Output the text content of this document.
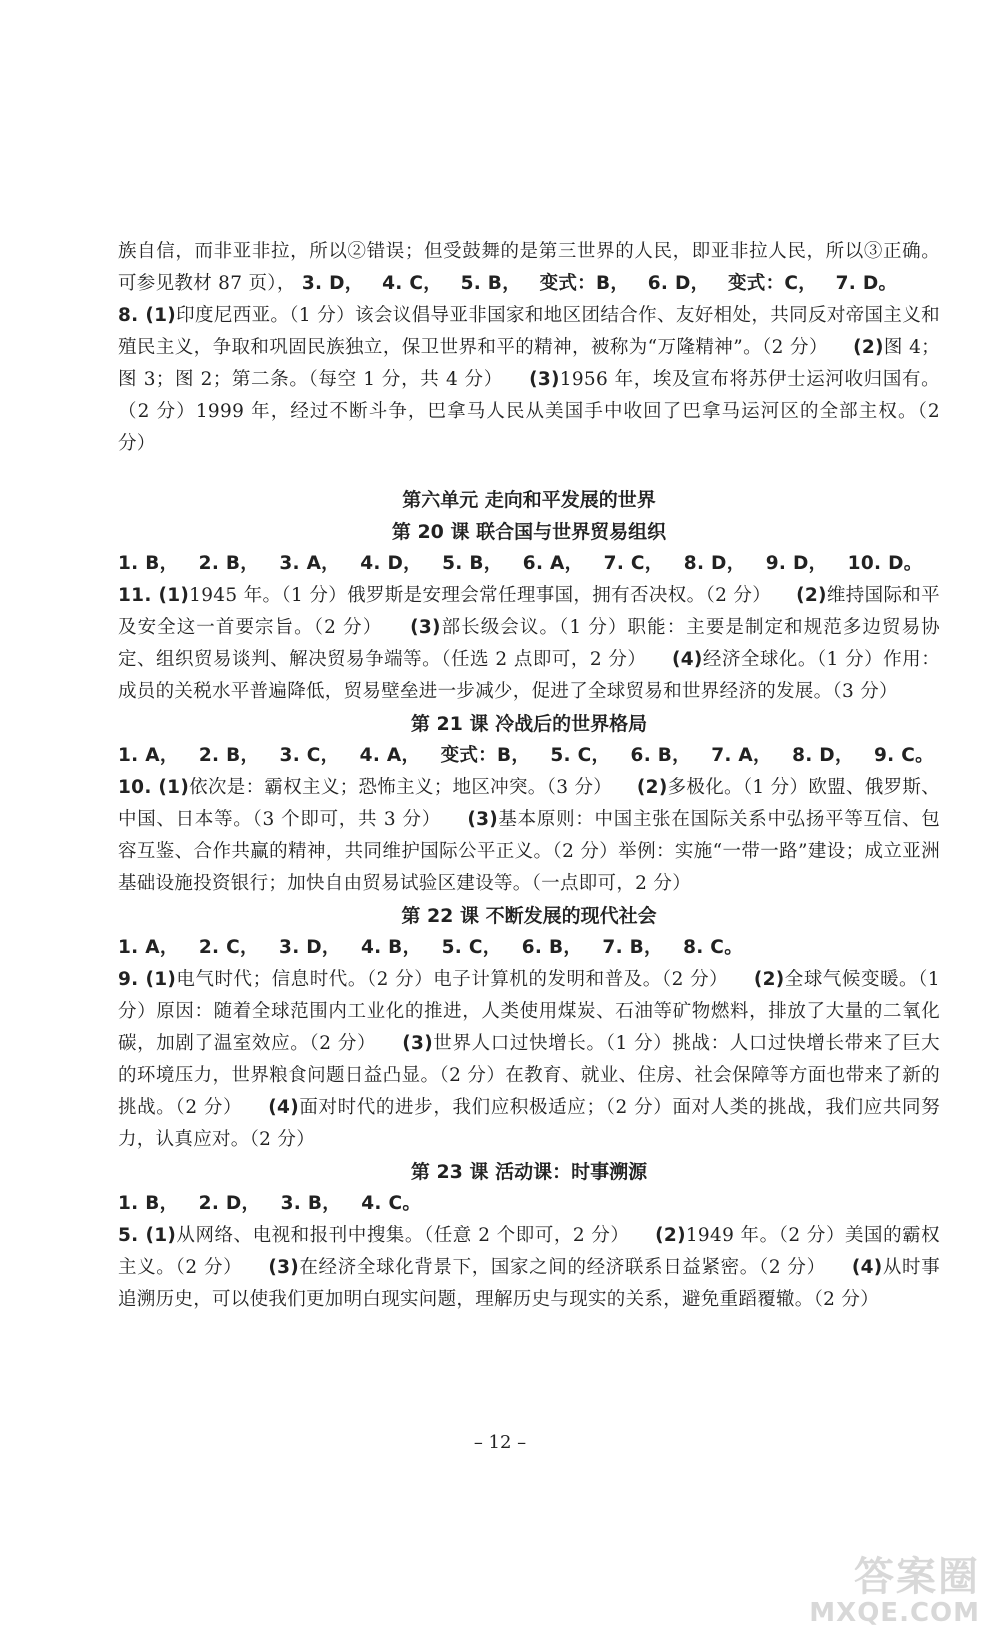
族自信，而非亚非拉，所以②错误；但受鼓舞的是第三世界的人民，即亚非拉人民，所以③正确。可参见教材 87 页）， 3. D， 4. C， 5. B， 变式：B， 6. D， 变式：C， 7. D。

8. (1)印度尼西亚。（1 分）该会议倡导亚非国家和地区团结合作、友好相处，共同反对帝国主义和殖民主义，争取和巩固民族独立，保卫世界和平的精神，被称为“万隆精神”。（2 分） (2)图 4；图 3；图 2；第二条。（每空 1 分，共 4 分） (3)1956 年，埃及宣布将苏伊士运河收归国有。（2 分）1999 年，经过不断斗争，巴拿马人民从美国手中收回了巴拿马运河区的全部主权。（2 分）

第六单元 走向和平发展的世界

第 20 课 联合国与世界贸易组织

1. B，   2. B，   3. A，   4. D，   5. B，   6. A，   7. C，   8. D，   9. D，   10. D。

11. (1)1945 年。（1 分）俄罗斯是安理会常任理事国，拥有否决权。（2 分） (2)维持国际和平及安全这一首要宗旨。（2 分） (3)部长级会议。（1 分）职能：主要是制定和规范多边贸易协定、组织贸易谈判、解决贸易争端等。（任选 2 点即可，2 分） (4)经济全球化。（1 分）作用：成员的关税水平普遍降低，贸易壁垒进一步减少，促进了全球贸易和世界经济的发展。（3 分）

第 21 课 冷战后的世界格局

1. A，   2. B，   3. C，   4. A，   变式：B，   5. C，   6. B，   7. A，   8. D，   9. C。

10. (1)依次是：霸权主义；恐怖主义；地区冲突。（3 分） (2)多极化。（1 分）欧盟、俄罗斯、中国、日本等。（3 个即可，共 3 分） (3)基本原则：中国主张在国际关系中弘扬平等互信、包容互鉴、合作共赢的精神，共同维护国际公平正义。（2 分）举例：实施“一带一路”建设；成立亚洲基础设施投资银行；加快自由贸易试验区建设等。（一点即可，2 分）

第 22 课 不断发展的现代社会

1. A，   2. C，   3. D，   4. B，   5. C，   6. B，   7. B，   8. C。

9. (1)电气时代；信息时代。（2 分）电子计算机的发明和普及。（2 分） (2)全球气候变暖。（1 分）原因：随着全球范围内工业化的推进，人类使用煤炭、石油等矿物燃料，排放了大量的二氧化碳，加剧了温室效应。（2 分） (3)世界人口过快增长。（1 分）挑战：人口过快增长带来了巨大的环境压力，世界粮食问题日益凸显。（2 分）在教育、就业、住房、社会保障等方面也带来了新的挑战。（2 分） (4)面对时代的进步，我们应积极适应；（2 分）面对人类的挑战，我们应共同努力，认真应对。（2 分）

第 23 课 活动课：时事溯源

1. B，   2. D，   3. B，   4. C。

5. (1)从网络、电视和报刊中搜集。（任意 2 个即可，2 分） (2)1949 年。（2 分）美国的霸权主义。（2 分） (3)在经济全球化背景下，国家之间的经济联系日益紧密。（2 分） (4)从时事追溯历史，可以使我们更加明白现实问题，理解历史与现实的关系，避免重蹈覆辙。（2 分）

– 12 –
答案圈
MXQE.COM
